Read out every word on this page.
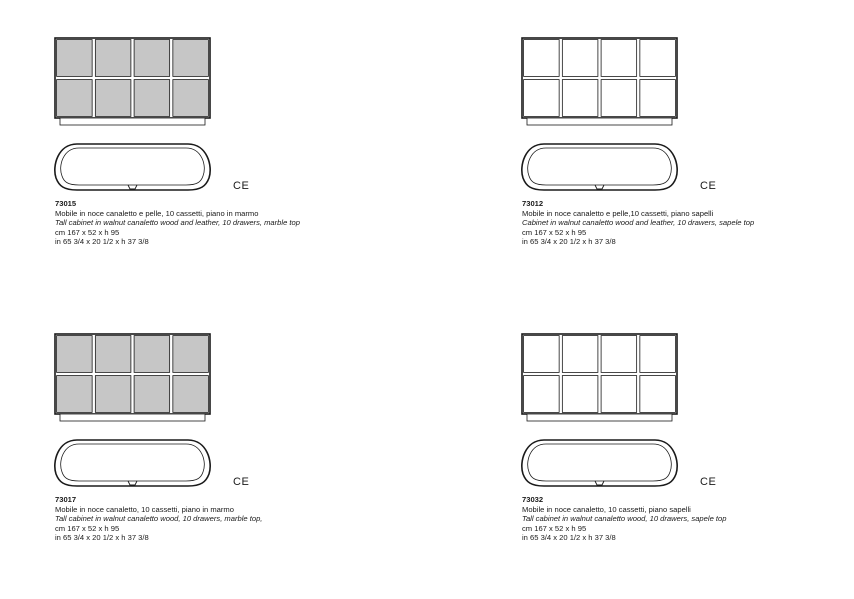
CE
73015
Mobile in noce canaletto e pelle, 10 cassetti, piano in marmo
Tall cabinet in walnut canaletto wood and leather, 10 drawers, marble top
cm 167 x 52 x h 95
in 65 3/4 x 20 1/2 x h 37 3/8
CE
73012
Mobile in noce canaletto e pelle,10 cassetti, piano sapelli
Cabinet in walnut canaletto wood and leather, 10 drawers, sapele top
cm 167 x 52 x h 95
in 65 3/4 x 20 1/2 x h 37 3/8
CE
73017
Mobile in noce canaletto, 10 cassetti, piano in marmo
Tall cabinet in walnut canaletto wood, 10 drawers, marble top,
cm 167 x 52 x h 95
in 65 3/4 x 20 1/2 x h 37 3/8
CE
73032
Mobile in noce canaletto, 10 cassetti, piano sapelli
Tall cabinet in walnut canaletto wood, 10 drawers, sapele top
cm 167 x 52 x h 95
in 65 3/4 x 20 1/2 x h 37 3/8
